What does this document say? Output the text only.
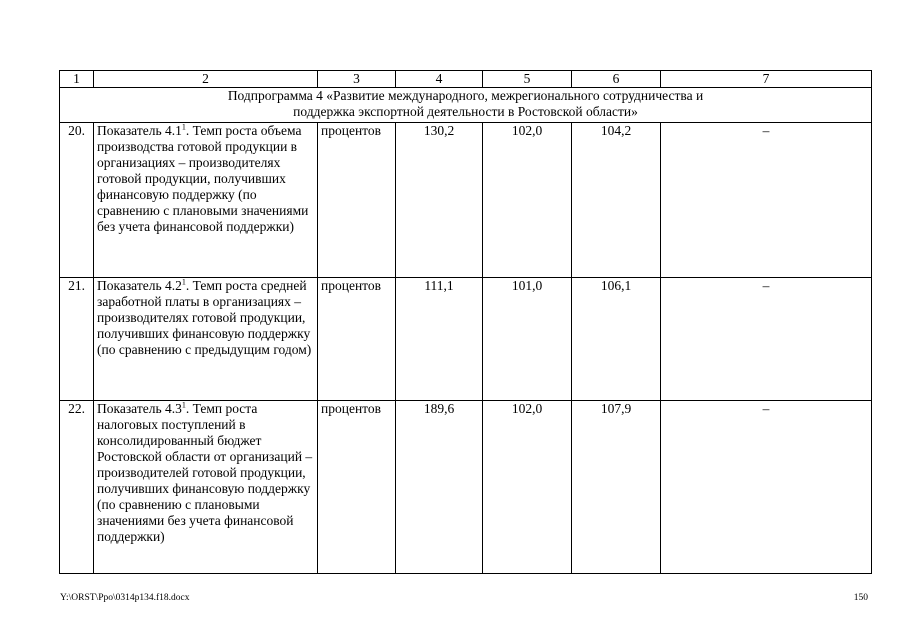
1	2	3	4	5	6	7

Подпрограмма 4 «Развитие международного, межрегионального сотрудничества и поддержка экспортной деятельности в Ростовской области»						

20.	Показатель $4.1^1$. Темп роста объема производства готовой продукции в организациях – производителях готовой продукции, получивших финансовую поддержку (по сравнению с плановыми значениями без учета финансовой поддержки)	процентов	130,2	102,0	104,2	–
21.	Показатель $4.2^1$. Темп роста средней заработной платы в организациях – производителях готовой продукции, получивших финансовую поддержку (по сравнению с предыдущим годом)	процентов	111,1	101,0	106,1	–
22.	Показатель $4.3^1$. Темп роста налоговых поступлений в консолидированный бюджет Ростовской области от организаций – производителей готовой продукции, получивших финансовую поддержку (по сравнению с плановыми значениями без учета финансовой поддержки)	процентов	189,6	102,0	107,9	–
Y:\ORST\Ppo\0314p134.f18.docx	150
